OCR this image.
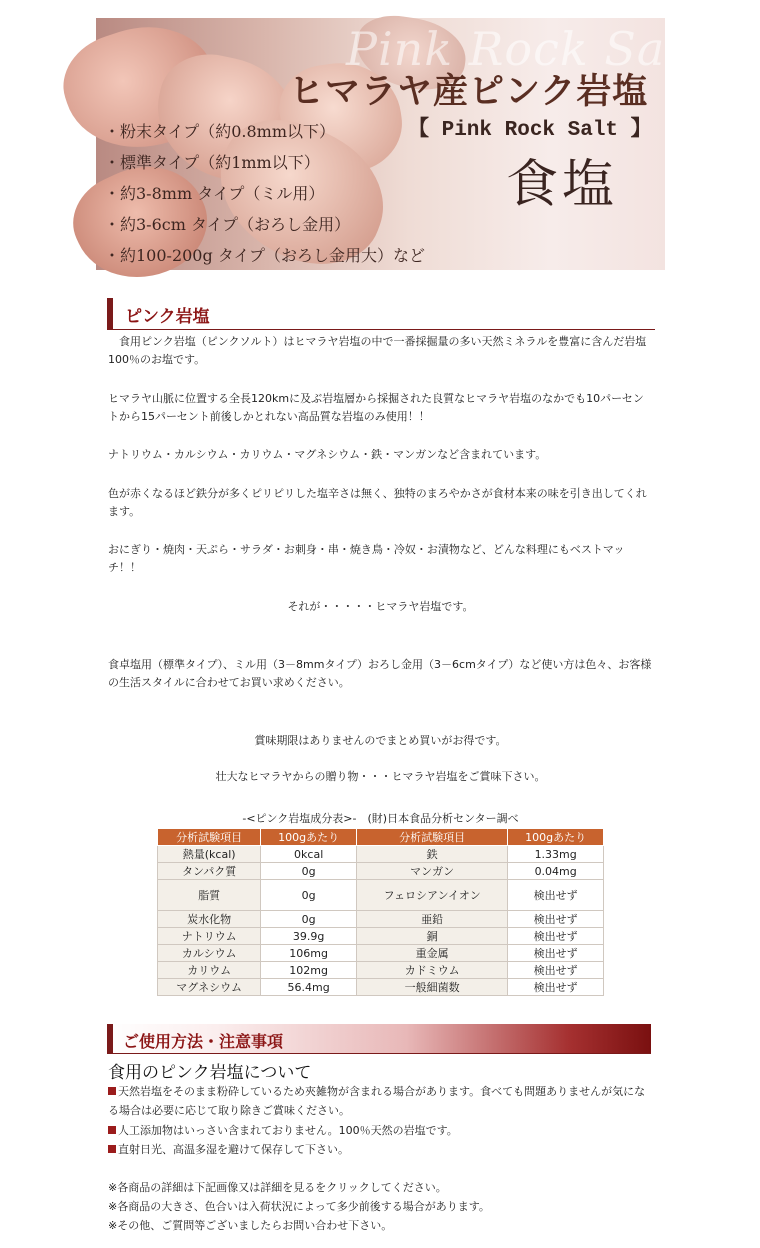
Pink Rock Salt
ヒマラヤ産ピンク岩塩
【 Pink Rock Salt 】
食塩
・粉末タイプ（約0.8mm以下）
・標準タイプ（約1mm以下）
・約3-8mm タイプ（ミル用）
・約3-6cm タイプ（おろし金用）
・約100-200g タイプ（おろし金用大）など
ピンク岩塩
　食用ピンク岩塩（ピンクソルト）はヒマラヤ岩塩の中で一番採掘量の多い天然ミネラルを豊富に含んだ岩塩100％のお塩です。
ヒマラヤ山脈に位置する全長120kmに及ぶ岩塩層から採掘された良質なヒマラヤ岩塩のなかでも10パーセントから15パーセント前後しかとれない高品質な岩塩のみ使用！！
ナトリウム・カルシウム・カリウム・マグネシウム・鉄・マンガンなど含まれています。
色が赤くなるほど鉄分が多くピリピリした塩辛さは無く、独特のまろやかさが食材本来の味を引き出してくれます。
おにぎり・焼肉・天ぷら・サラダ・お刺身・串・焼き鳥・冷奴・お漬物など、どんな料理にもベストマッチ！！
それが・・・・・ヒマラヤ岩塩です。
食卓塩用（標準タイプ）、ミル用（3－8mmタイプ）おろし金用（3－6cmタイプ）など使い方は色々、お客様の生活スタイルに合わせてお買い求めください。
賞味期限はありませんのでまとめ買いがお得です。
壮大なヒマラヤからの贈り物・・・ヒマラヤ岩塩をご賞味下さい。
-<ピンク岩塩成分表>-　(財)日本食品分析センター調べ
分析試験項目	100gあたり	分析試験項目	100gあたり
熱量(kcal)	0kcal	鉄	1.33mg
タンパク質	0g	マンガン	0.04mg
脂質	0g	フェロシアンイオン	検出せず
炭水化物	0g	亜鉛	検出せず
ナトリウム	39.9g	銅	検出せず
カルシウム	106mg	重金属	検出せず
カリウム	102mg	カドミウム	検出せず
マグネシウム	56.4mg	一般細菌数	検出せず
ご使用方法・注意事項
食用のピンク岩塩について
天然岩塩をそのまま粉砕しているため夾雑物が含まれる場合があります。食べても問題ありませんが気になる場合は必要に応じて取り除きご賞味ください。
人工添加物はいっさい含まれておりません。100％天然の岩塩です。
直射日光、高温多湿を避けて保存して下さい。
※各商品の詳細は下記画像又は詳細を見るをクリックしてください。
※各商品の大きさ、色合いは入荷状況によって多少前後する場合があります。
※その他、ご質問等ございましたらお問い合わせ下さい。
